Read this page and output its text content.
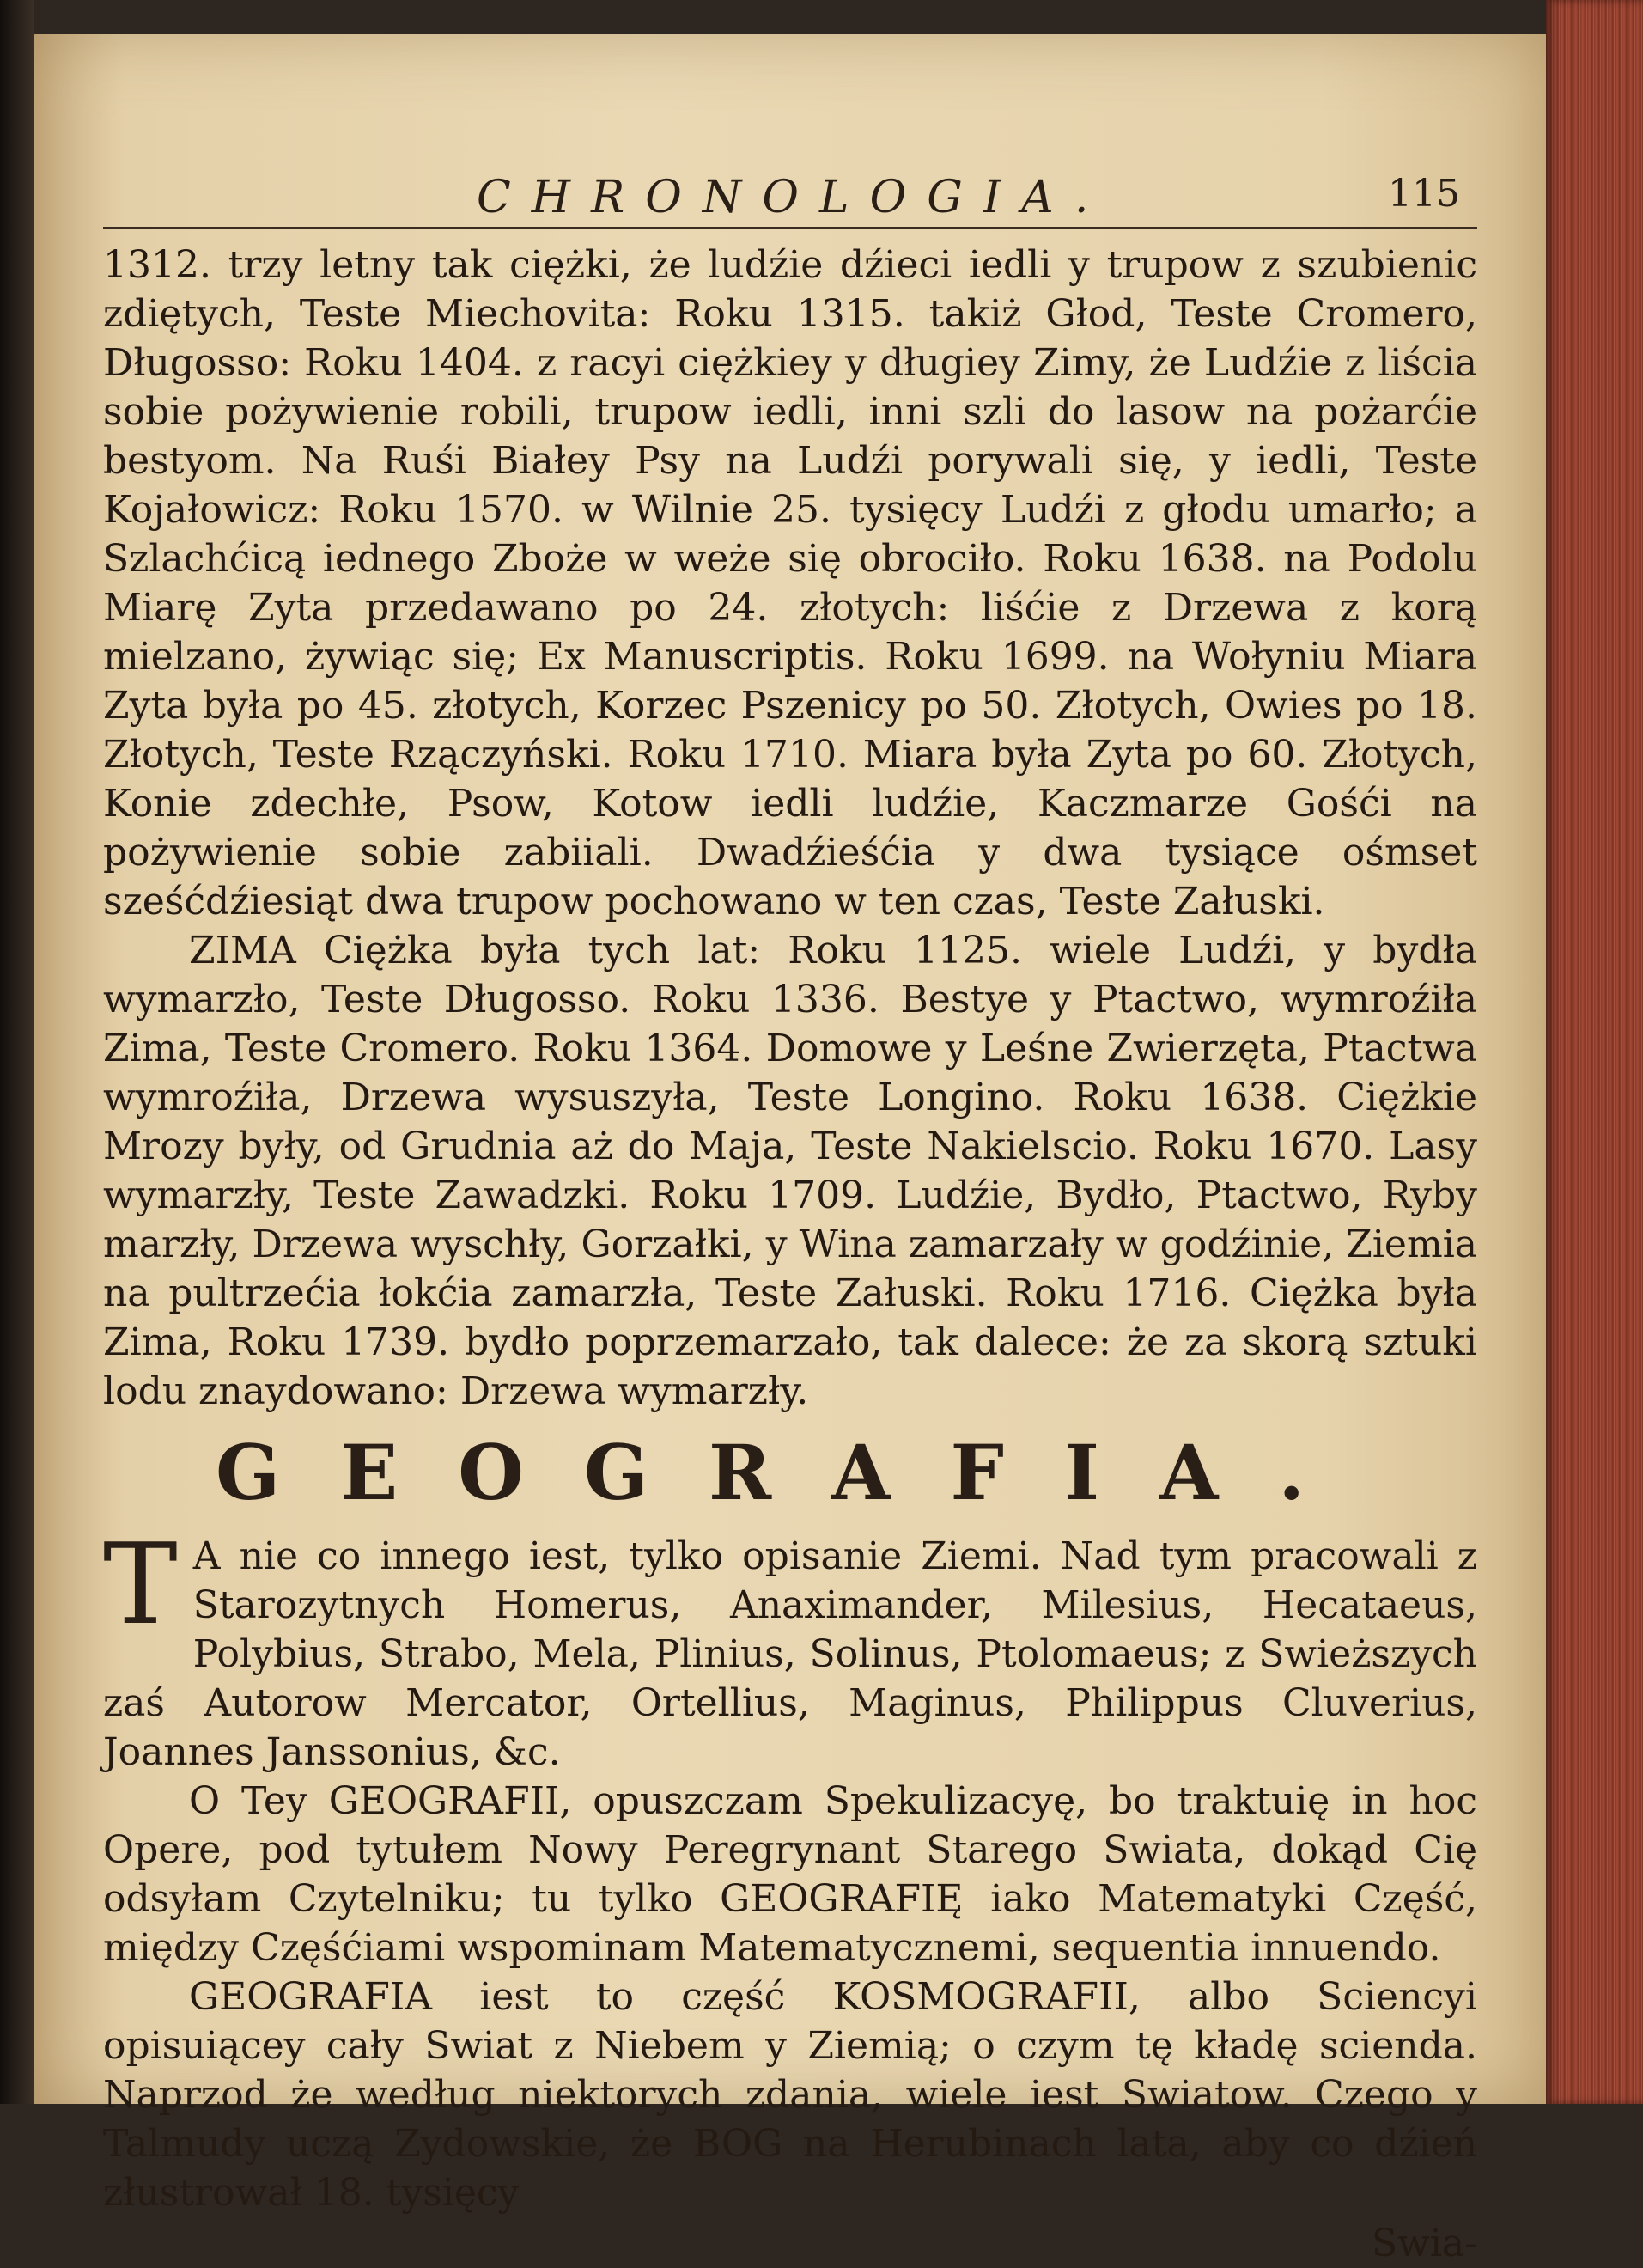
CHRONOLOGIA.	115

1312. trzy letny tak ciężki, że ludźie dźieci iedli y trupow z szubienic zdiętych, Teste Miechovita: Roku 1315. takiż Głod, Teste Cromero, Długosso: Roku 1404. z racyi ciężkiey y długiey Zimy, że Ludźie z liścia sobie pożywienie robili, trupow iedli, inni szli do lasow na pożarćie bestyom. Na Ruśi Białey Psy na Ludźi porywali się, y iedli, Teste Kojałowicz: Roku 1570. w Wilnie 25. tysięcy Ludźi z głodu umarło; a Szlachćicą iednego Zboże w weże się obrociło. Roku 1638. na Podolu Miarę Zyta przedawano po 24. złotych: liśćie z Drzewa z korą mielzano, żywiąc się; Ex Manuscriptis. Roku 1699. na Wołyniu Miara Zyta była po 45. złotych, Korzec Pszenicy po 50. Złotych, Owies po 18. Złotych, Teste Rzączyński. Roku 1710. Miara była Zyta po 60. Złotych, Konie zdechłe, Psow, Kotow iedli ludźie, Kaczmarze Gośći na pożywienie sobie zabiiali. Dwadźieśćia y dwa tysiące ośmset sześćdźiesiąt dwa trupow pochowano w ten czas, Teste Załuski.

ZIMA Ciężka była tych lat: Roku 1125. wiele Ludźi, y bydła wymarzło, Teste Długosso. Roku 1336. Bestye y Ptactwo, wymroźiła Zima, Teste Cromero. Roku 1364. Domowe y Leśne Zwierzęta, Ptactwa wymroźiła, Drzewa wysuszyła, Teste Longino. Roku 1638. Ciężkie Mrozy były, od Grudnia aż do Maja, Teste Nakielscio. Roku 1670. Lasy wymarzły, Teste Zawadzki. Roku 1709. Ludźie, Bydło, Ptactwo, Ryby marzły, Drzewa wyschły, Gorzałki, y Wina zamarzały w godźinie, Ziemia na pultrzećia łokćia zamarzła, Teste Załuski. Roku 1716. Ciężka była Zima, Roku 1739. bydło poprzemarzało, tak dalece: że za skorą sztuki lodu znaydowano: Drzewa wymarzły.

GEOGRAFIA.

T A nie co innego iest, tylko opisanie Ziemi. Nad tym pracowali z Starozytnych Homerus, Anaximander, Milesius, Hecataeus, Polybius, Strabo, Mela, Plinius, Solinus, Ptolomaeus; z Swieższych zaś Autorow Mercator, Ortellius, Maginus, Philippus Cluverius, Joannes Janssonius, &c.

O Tey GEOGRAFII, opuszczam Spekulizacyę, bo traktuię in hoc Opere, pod tytułem Nowy Peregrynant Starego Swiata, dokąd Cię odsyłam Czytelniku; tu tylko GEOGRAFIĘ iako Matematyki Część, między Częśćiami wspominam Matematycznemi, sequentia innuendo.

GEOGRAFIA iest to część KOSMOGRAFII, albo Sciencyi opisuiącey cały Swiat z Niebem y Ziemią; o czym tę kładę scienda. Naprzod że według niektorych zdania, wiele iest Swiatow. Czego y Talmudy uczą Zydowskie, że BOG na Herubinach lata, aby co dźień złustrował 18. tysięcy

Swia-
